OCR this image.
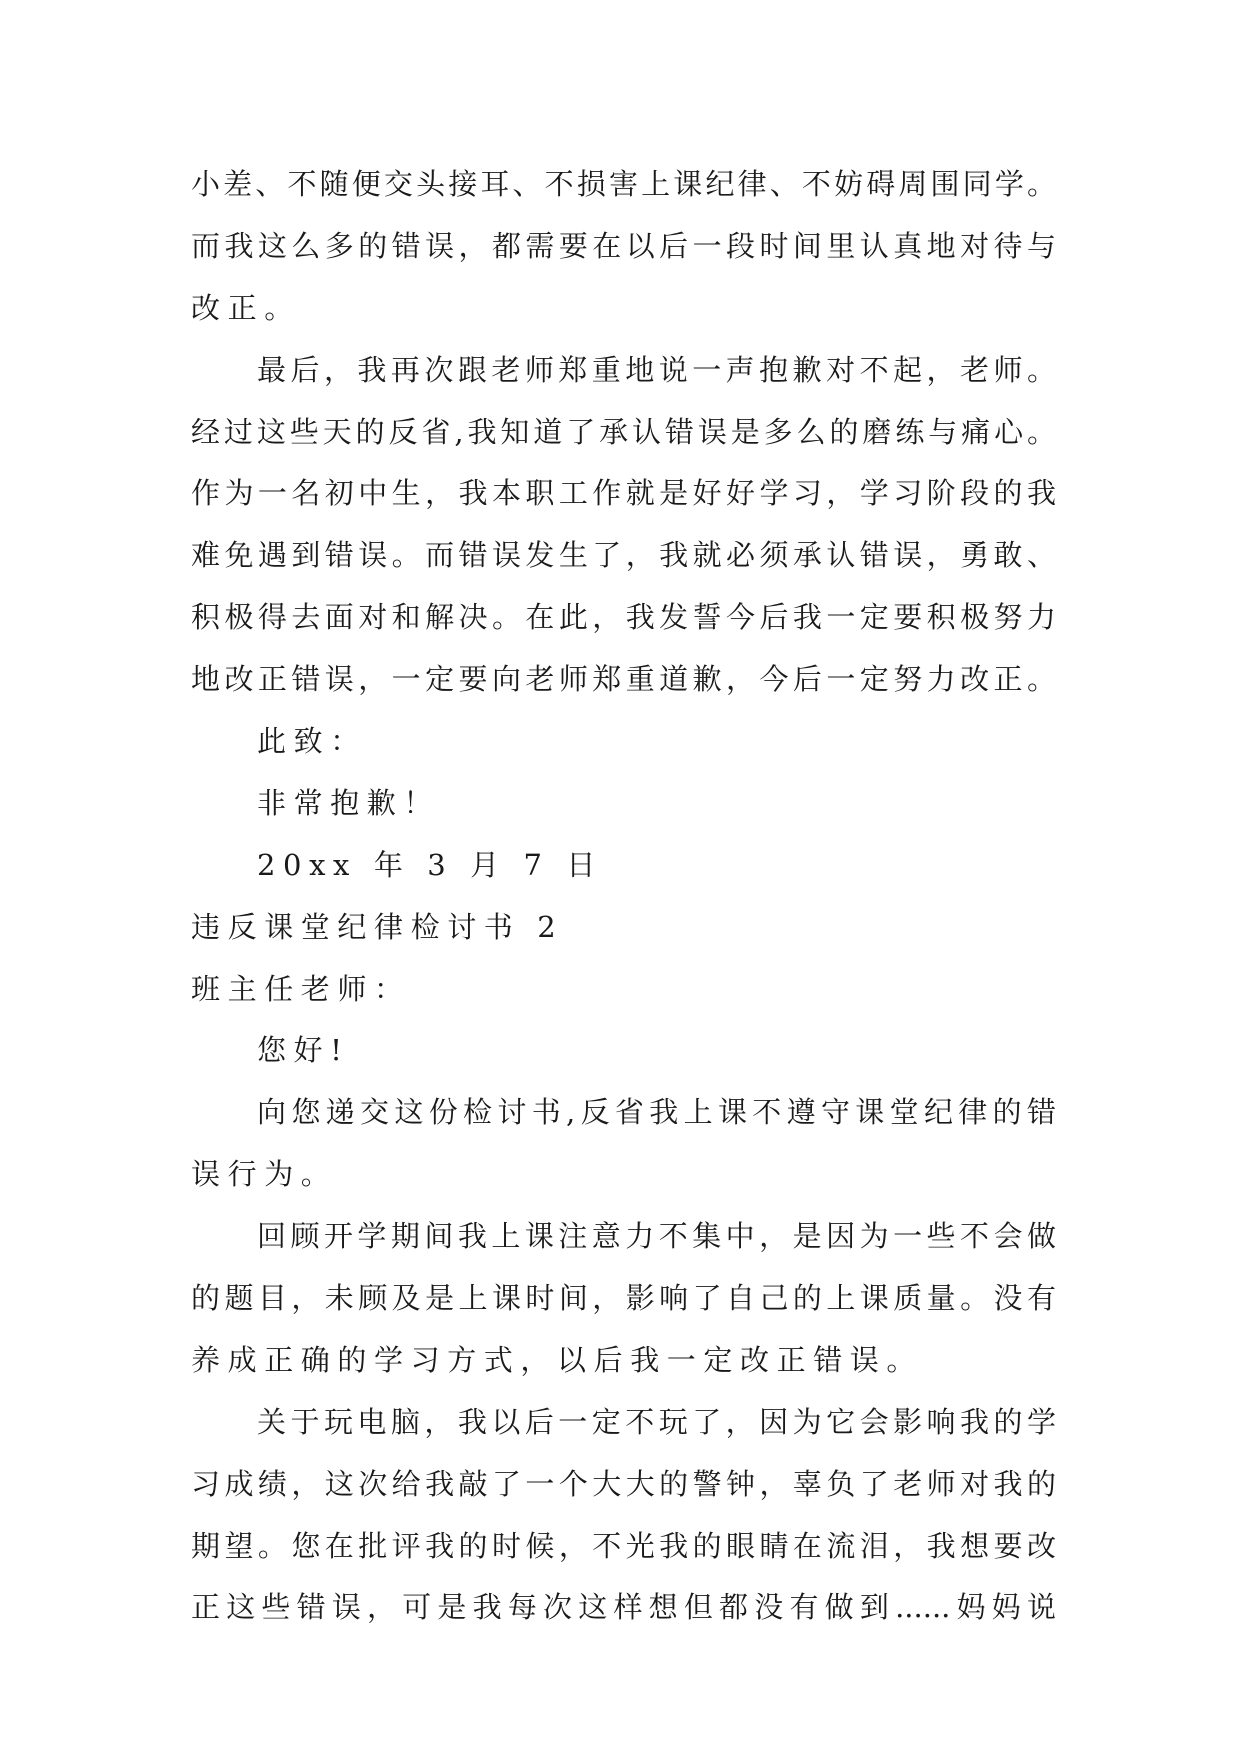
小差、不随便交头接耳、不损害上课纪律、不妨碍周围同学。
而我这么多的错误，都需要在以后一段时间里认真地对待与
改正。
最后，我再次跟老师郑重地说一声抱歉对不起，老师。
经过这些天的反省,我知道了承认错误是多么的磨练与痛心。
作为一名初中生，我本职工作就是好好学习，学习阶段的我
难免遇到错误。而错误发生了，我就必须承认错误，勇敢、
积极得去面对和解决。在此，我发誓今后我一定要积极努力
地改正错误，一定要向老师郑重道歉，今后一定努力改正。
此致：
非常抱歉！
20xx 年 3 月 7 日
违反课堂纪律检讨书 2
班主任老师：
您好!
向您递交这份检讨书,反省我上课不遵守课堂纪律的错
误行为。
回顾开学期间我上课注意力不集中，是因为一些不会做
的题目，未顾及是上课时间，影响了自己的上课质量。没有
养成正确的学习方式，以后我一定改正错误。
关于玩电脑，我以后一定不玩了，因为它会影响我的学
习成绩，这次给我敲了一个大大的警钟，辜负了老师对我的
期望。您在批评我的时候，不光我的眼睛在流泪，我想要改
正这些错误，可是我每次这样想但都没有做到......妈妈说
